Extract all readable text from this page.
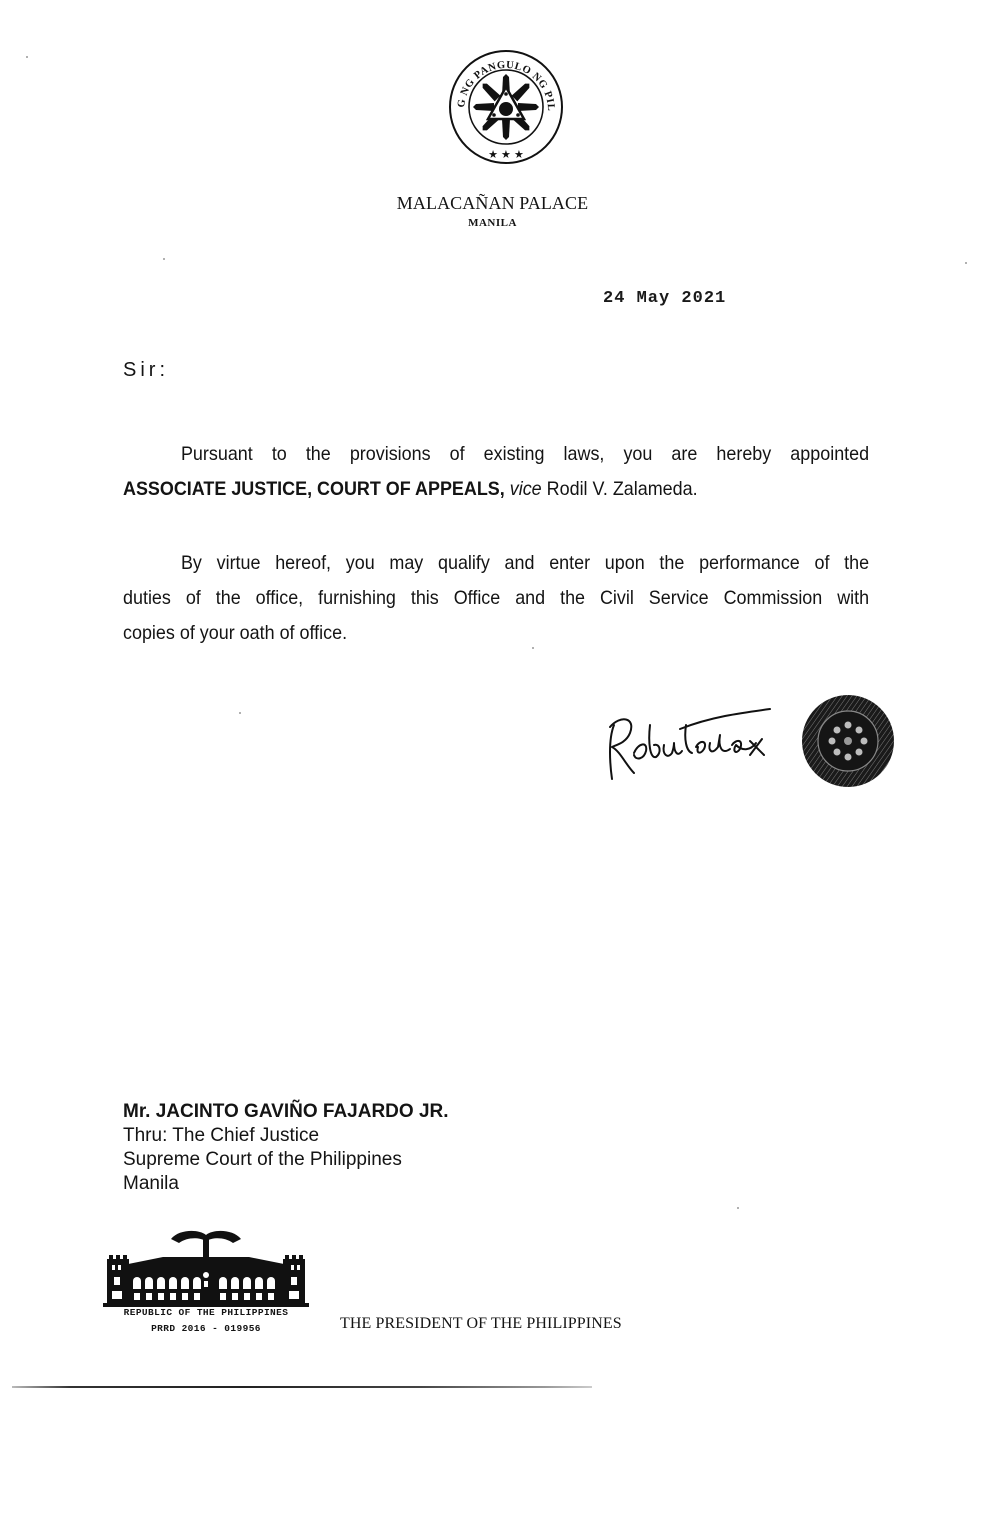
G NG PANGULO NG PIL
★ ★ ★
MALACAÑAN PALACE
MANILA
24 May 2021
Sir:
Pursuant to the provisions of existing laws, you are hereby appointed
ASSOCIATE JUSTICE, COURT OF APPEALS, vice Rodil V. Zalameda.
By virtue hereof, you may qualify and enter upon the performance of the
duties of the office, furnishing this Office and the Civil Service Commission with
copies of your oath of office.
Mr. JACINTO GAVIÑO FAJARDO JR.
Thru: The Chief Justice
Supreme Court of the Philippines
Manila
REPUBLIC OF THE PHILIPPINES
PRRD 2016 - 019956	THE PRESIDENT OF THE PHILIPPINES
